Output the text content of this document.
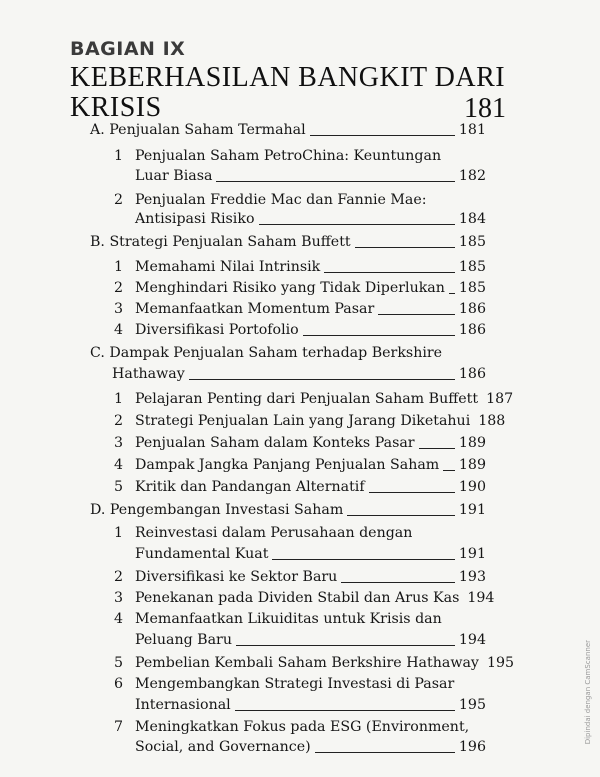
BAGIAN IX
KEBERHASILAN BANGKIT DARI
KRISIS	181
A. Penjualan Saham Termahal	181
1 Penjualan Saham PetroChina: Keuntungan
Luar Biasa	182
2 Penjualan Freddie Mac dan Fannie Mae:
Antisipasi Risiko	184
B. Strategi Penjualan Saham Buffett	185
1 Memahami Nilai Intrinsik	185
2 Menghindari Risiko yang Tidak Diperlukan 185
3 Memanfaatkan Momentum Pasar	186
4 Diversifikasi Portofolio	186
C. Dampak Penjualan Saham terhadap Berkshire
Hathaway	186
1 Pelajaran Penting dari Penjualan Saham Buffett 187
2 Strategi Penjualan Lain yang Jarang Diketahui 188
3 Penjualan Saham dalam Konteks Pasar	189
4 Dampak Jangka Panjang Penjualan Saham 189
5 Kritik dan Pandangan Alternatif	190
D. Pengembangan Investasi Saham	191
1 Reinvestasi dalam Perusahaan dengan
Fundamental Kuat	191
2 Diversifikasi ke Sektor Baru	193
3 Penekanan pada Dividen Stabil dan Arus Kas 194
4 Memanfaatkan Likuiditas untuk Krisis dan
Peluang Baru	194
5 Pembelian Kembali Saham Berkshire Hathaway 195
6 Mengembangkan Strategi Investasi di Pasar
Internasional	195
7 Meningkatkan Fokus pada ESG (Environment,
Social, and Governance)	196
Dipindai dengan CamScanner
